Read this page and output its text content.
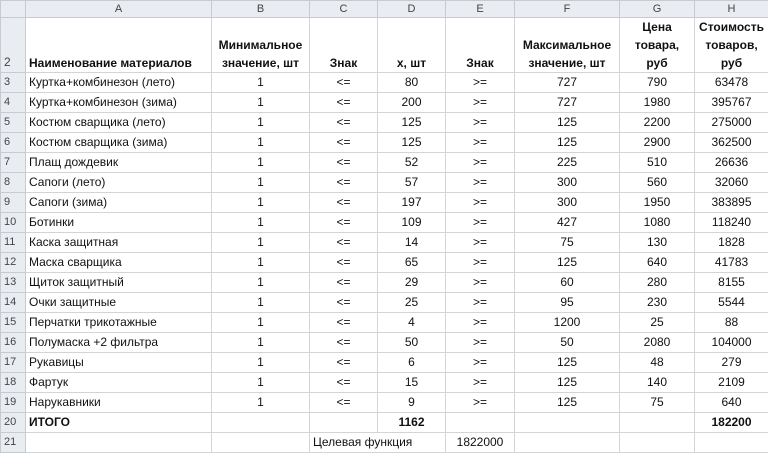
	A	B	C	D	E	F	G	H
2	Наименование материалов	Минимальное значение, шт	Знак	х, шт	Знак	Максимальное значение, шт	Цена товара, руб	Стоимость товаров, руб
3	Куртка+комбинезон (лето)	1	<=	80	>=	727	790	63478
4	Куртка+комбинезон (зима)	1	<=	200	>=	727	1980	395767
5	Костюм сварщика (лето)	1	<=	125	>=	125	2200	275000
6	Костюм сварщика (зима)	1	<=	125	>=	125	2900	362500
7	Плащ дождевик	1	<=	52	>=	225	510	26636
8	Сапоги (лето)	1	<=	57	>=	300	560	32060
9	Сапоги (зима)	1	<=	197	>=	300	1950	383895
10	Ботинки	1	<=	109	>=	427	1080	118240
11	Каска защитная	1	<=	14	>=	75	130	1828
12	Маска сварщика	1	<=	65	>=	125	640	41783
13	Щиток защитный	1	<=	29	>=	60	280	8155
14	Очки защитные	1	<=	25	>=	95	230	5544
15	Перчатки трикотажные	1	<=	4	>=	1200	25	88
16	Полумаска +2 фильтра	1	<=	50	>=	50	2080	104000
17	Рукавицы	1	<=	6	>=	125	48	279
18	Фартук	1	<=	15	>=	125	140	2109
19	Нарукавники	1	<=	9	>=	125	75	640
20	ИТОГО			1162				182200
21			Целевая функция		1822000			
